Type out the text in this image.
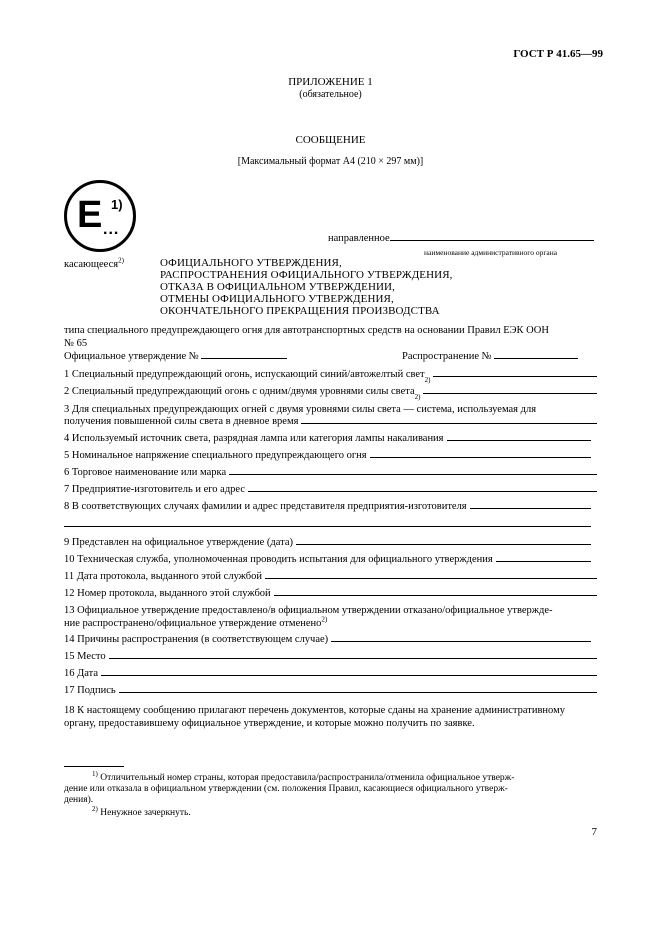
ГОСТ Р 41.65—99
ПРИЛОЖЕНИЕ 1
(обязательное)
СООБЩЕНИЕ
[Максимальный формат А4 (210 × 297 мм)]
E 1)
...
направленное
наименование административного органа
касающееся$^{2)}$	ОФИЦИАЛЬНОГО УТВЕРЖДЕНИЯ,
РАСПРОСТРАНЕНИЯ ОФИЦИАЛЬНОГО УТВЕРЖДЕНИЯ,
ОТКАЗА В ОФИЦИАЛЬНОМ УТВЕРЖДЕНИИ,
ОТМЕНЫ ОФИЦИАЛЬНОГО УТВЕРЖДЕНИЯ,
ОКОНЧАТЕЛЬНОГО ПРЕКРАЩЕНИЯ ПРОИЗВОДСТВА
типа специального предупреждающего огня для автотранспортных средств на основании Правил ЕЭК ООН
№ 65
Официальное утверждение №	Распространение №
1 Специальный предупреждающий огонь, испускающий синий/автожелтый свет 2)
2 Специальный предупреждающий огонь с одним/двумя уровнями силы света 2)
3 Для специальных предупреждающих огней с двумя уровнями силы света — система, используемая для
получения повышенной силы света в дневное время
4 Используемый источник света, разрядная лампа или категория лампы накаливания
5 Номинальное напряжение специального предупреждающего огня
6 Торговое наименование или марка
7 Предприятие-изготовитель и его адрес
8 В соответствующих случаях фамилии и адрес представителя предприятия-изготовителя
9 Представлен на официальное утверждение (дата)
10 Техническая служба, уполномоченная проводить испытания для официального утверждения
11 Дата протокола, выданного этой службой
12 Номер протокола, выданного этой службой
13 Официальное утверждение предоставлено/в официальном утверждении отказано/официальное утвержде-
ние распространено/официальное утверждение отменено$^{2)}$
14 Причины распространения (в соответствующем случае)
15 Место
16 Дата
17 Подпись
18 К настоящему сообщению прилагают перечень документов, которые сданы на хранение административному
органу, предоставившему официальное утверждение, и которые можно получить по заявке.
$^{1)}$ Отличительный номер страны, которая предоставила/распространила/отменила официальное утверж-
дение или отказала в официальном утверждении (см. положения Правил, касающиеся официального утверж-
дения).
$^{2)}$ Ненужное зачеркнуть.
7
